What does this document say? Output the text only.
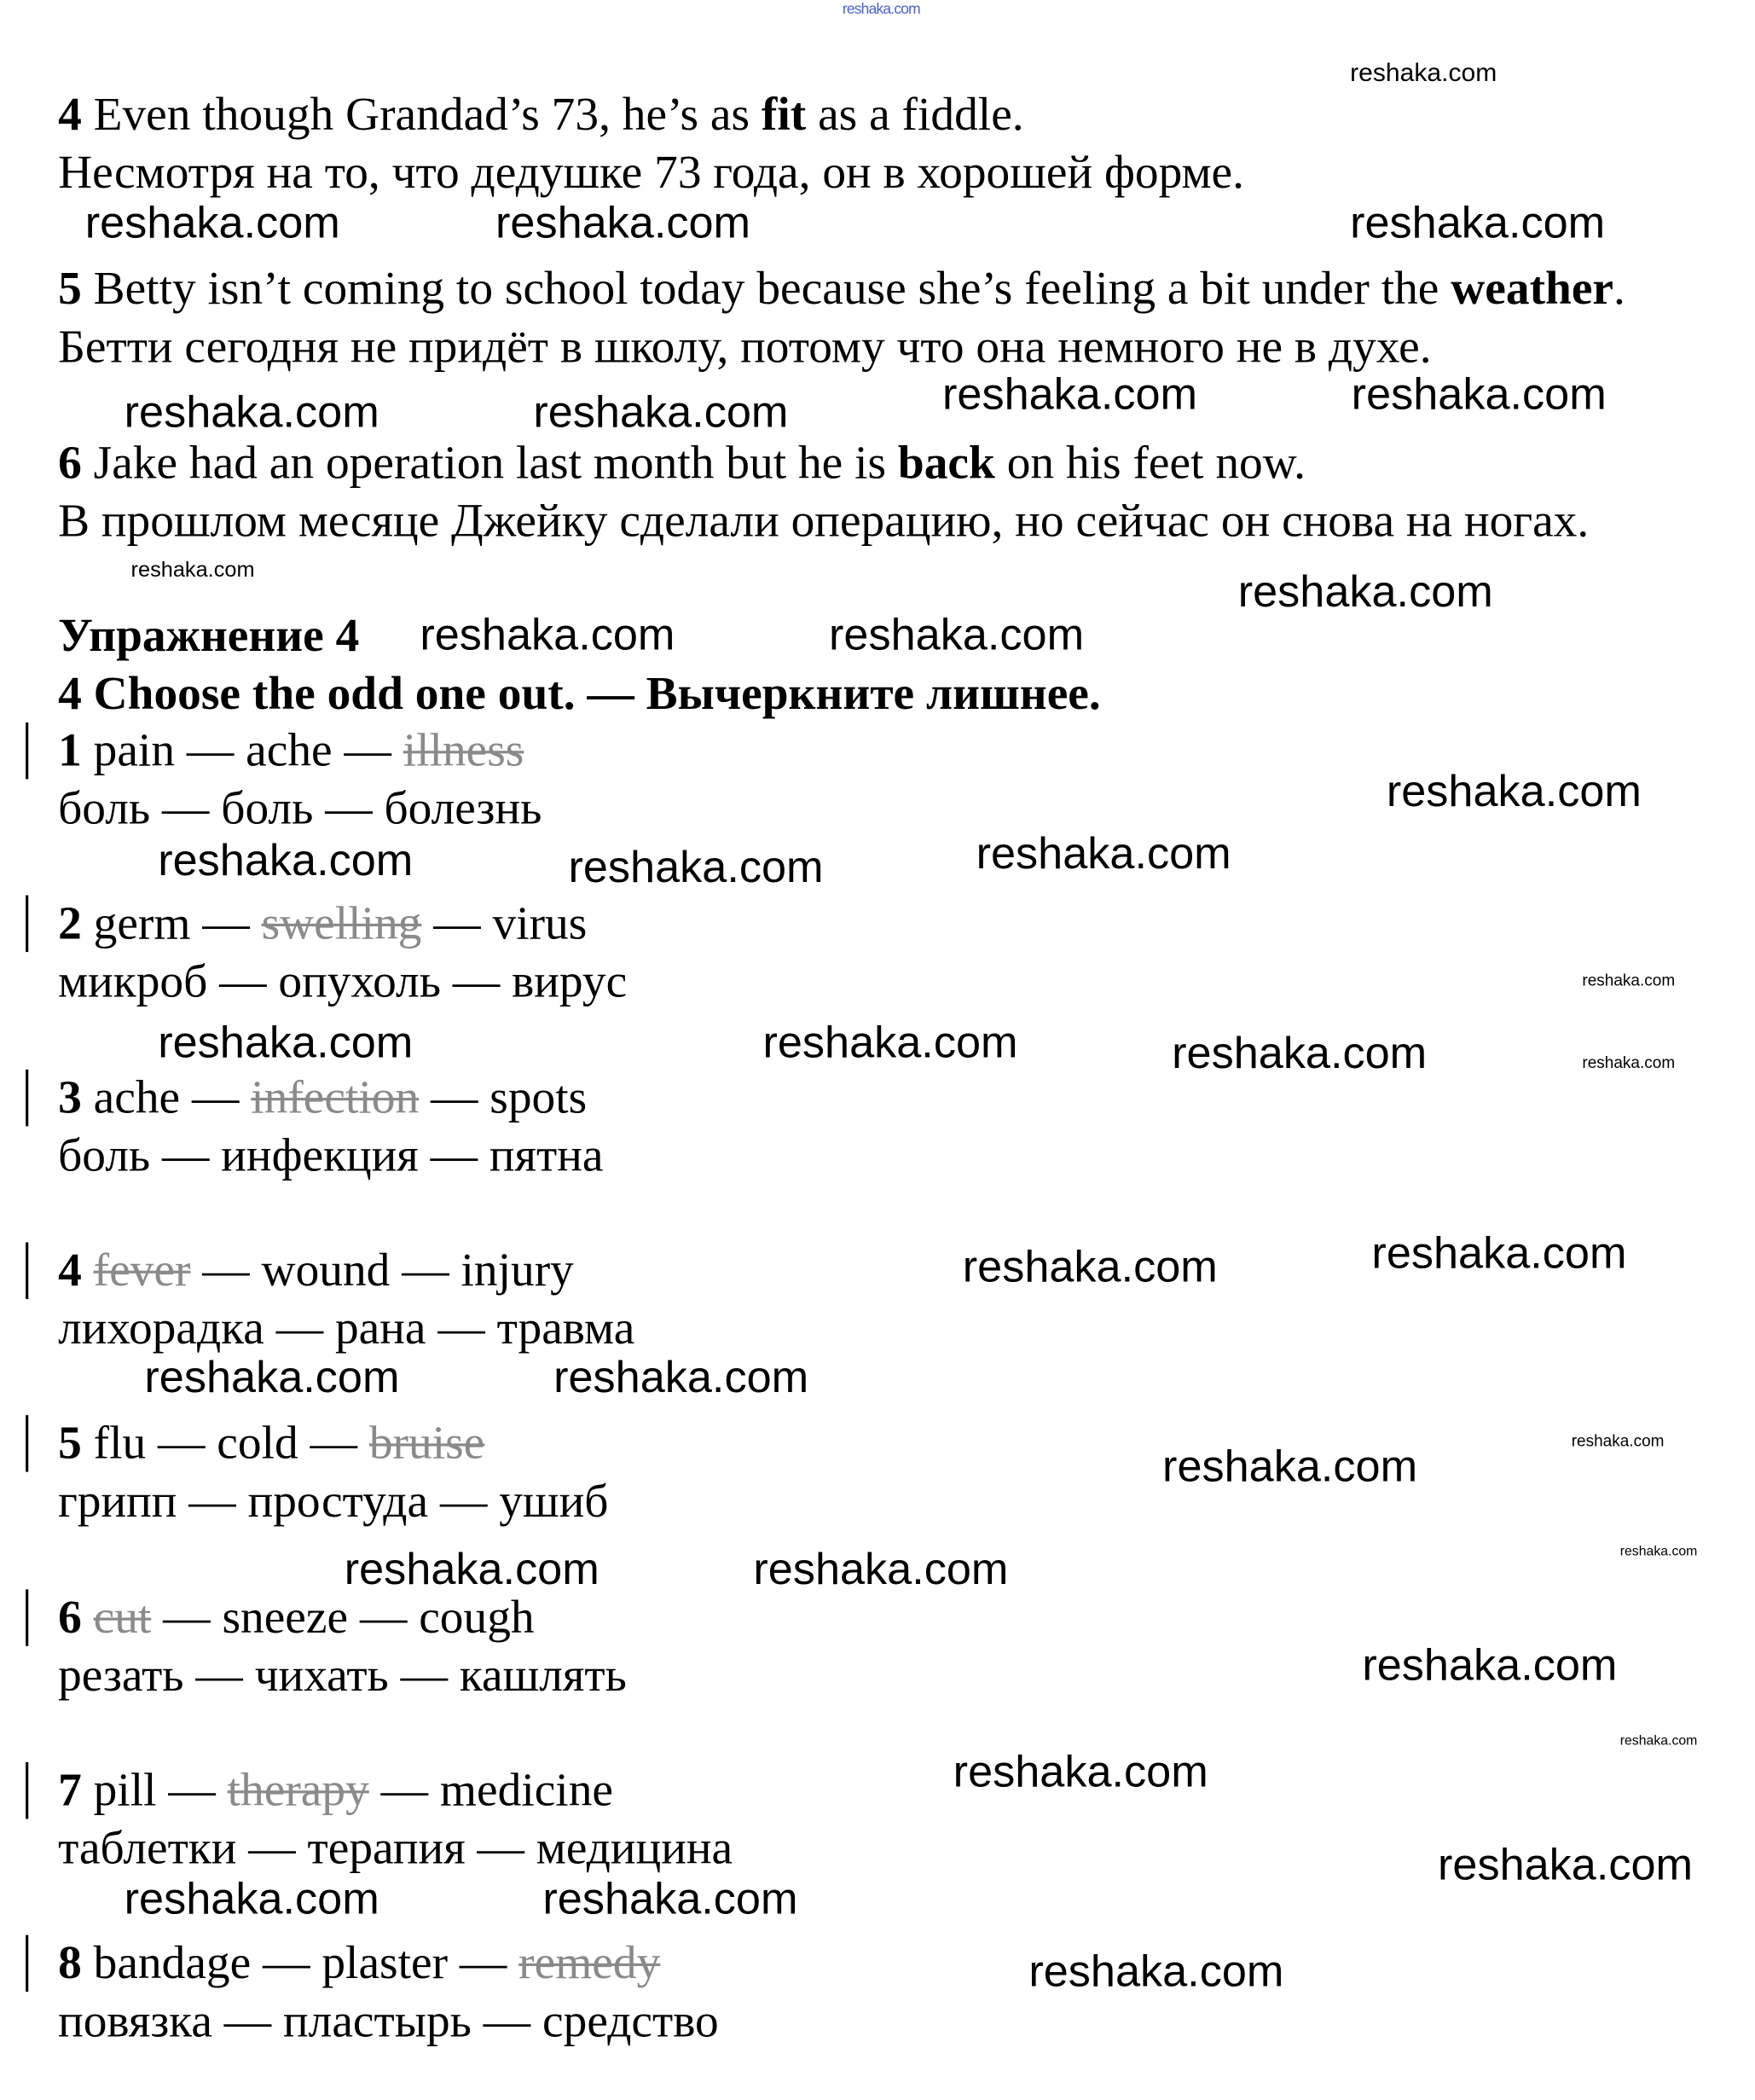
reshaka.com
4 Even though Grandad’s 73, he’s as fit as a fiddle.
Несмотря на то, что дедушке 73 года, он в хорошей форме.
5 Betty isn’t coming to school today because she’s feeling a bit under the weather.
Бетти сегодня не придёт в школу, потому что она немного не в духе.
6 Jake had an operation last month but he is back on his feet now.
В прошлом месяце Джейку сделали операцию, но сейчас он снова на ногах.
Упражнение 4
4 Choose the odd one out. — Вычеркните лишнее.
1 pain — ache — illness
боль — боль — болезнь
2 germ — swelling — virus
микроб — опухоль — вирус
3 ache — infection — spots
боль — инфекция — пятна
4 fever — wound — injury
лихорадка — рана — травма
5 flu — cold — bruise
грипп — простуда — ушиб
6 cut — sneeze — cough
резать — чихать — кашлять
7 pill — therapy — medicine
таблетки — терапия — медицина
8 bandage — plaster — remedy
повязка — пластырь — средство
reshaka.com
reshaka.com
reshaka.com	reshaka.com
reshaka.com	reshaka.com
reshaka.com	reshaka.com
reshaka.com
reshaka.com
reshaka.com	reshaka.com
reshaka.com
reshaka.com	reshaka.com	reshaka.com
reshaka.com
reshaka.com	reshaka.com	reshaka.com	reshaka.com
reshaka.com	reshaka.com
reshaka.com	reshaka.com
reshaka.com
reshaka.com
reshaka.com	reshaka.com	reshaka.com
reshaka.com
reshaka.com
reshaka.com
reshaka.com	reshaka.com
reshaka.com
reshaka.com
